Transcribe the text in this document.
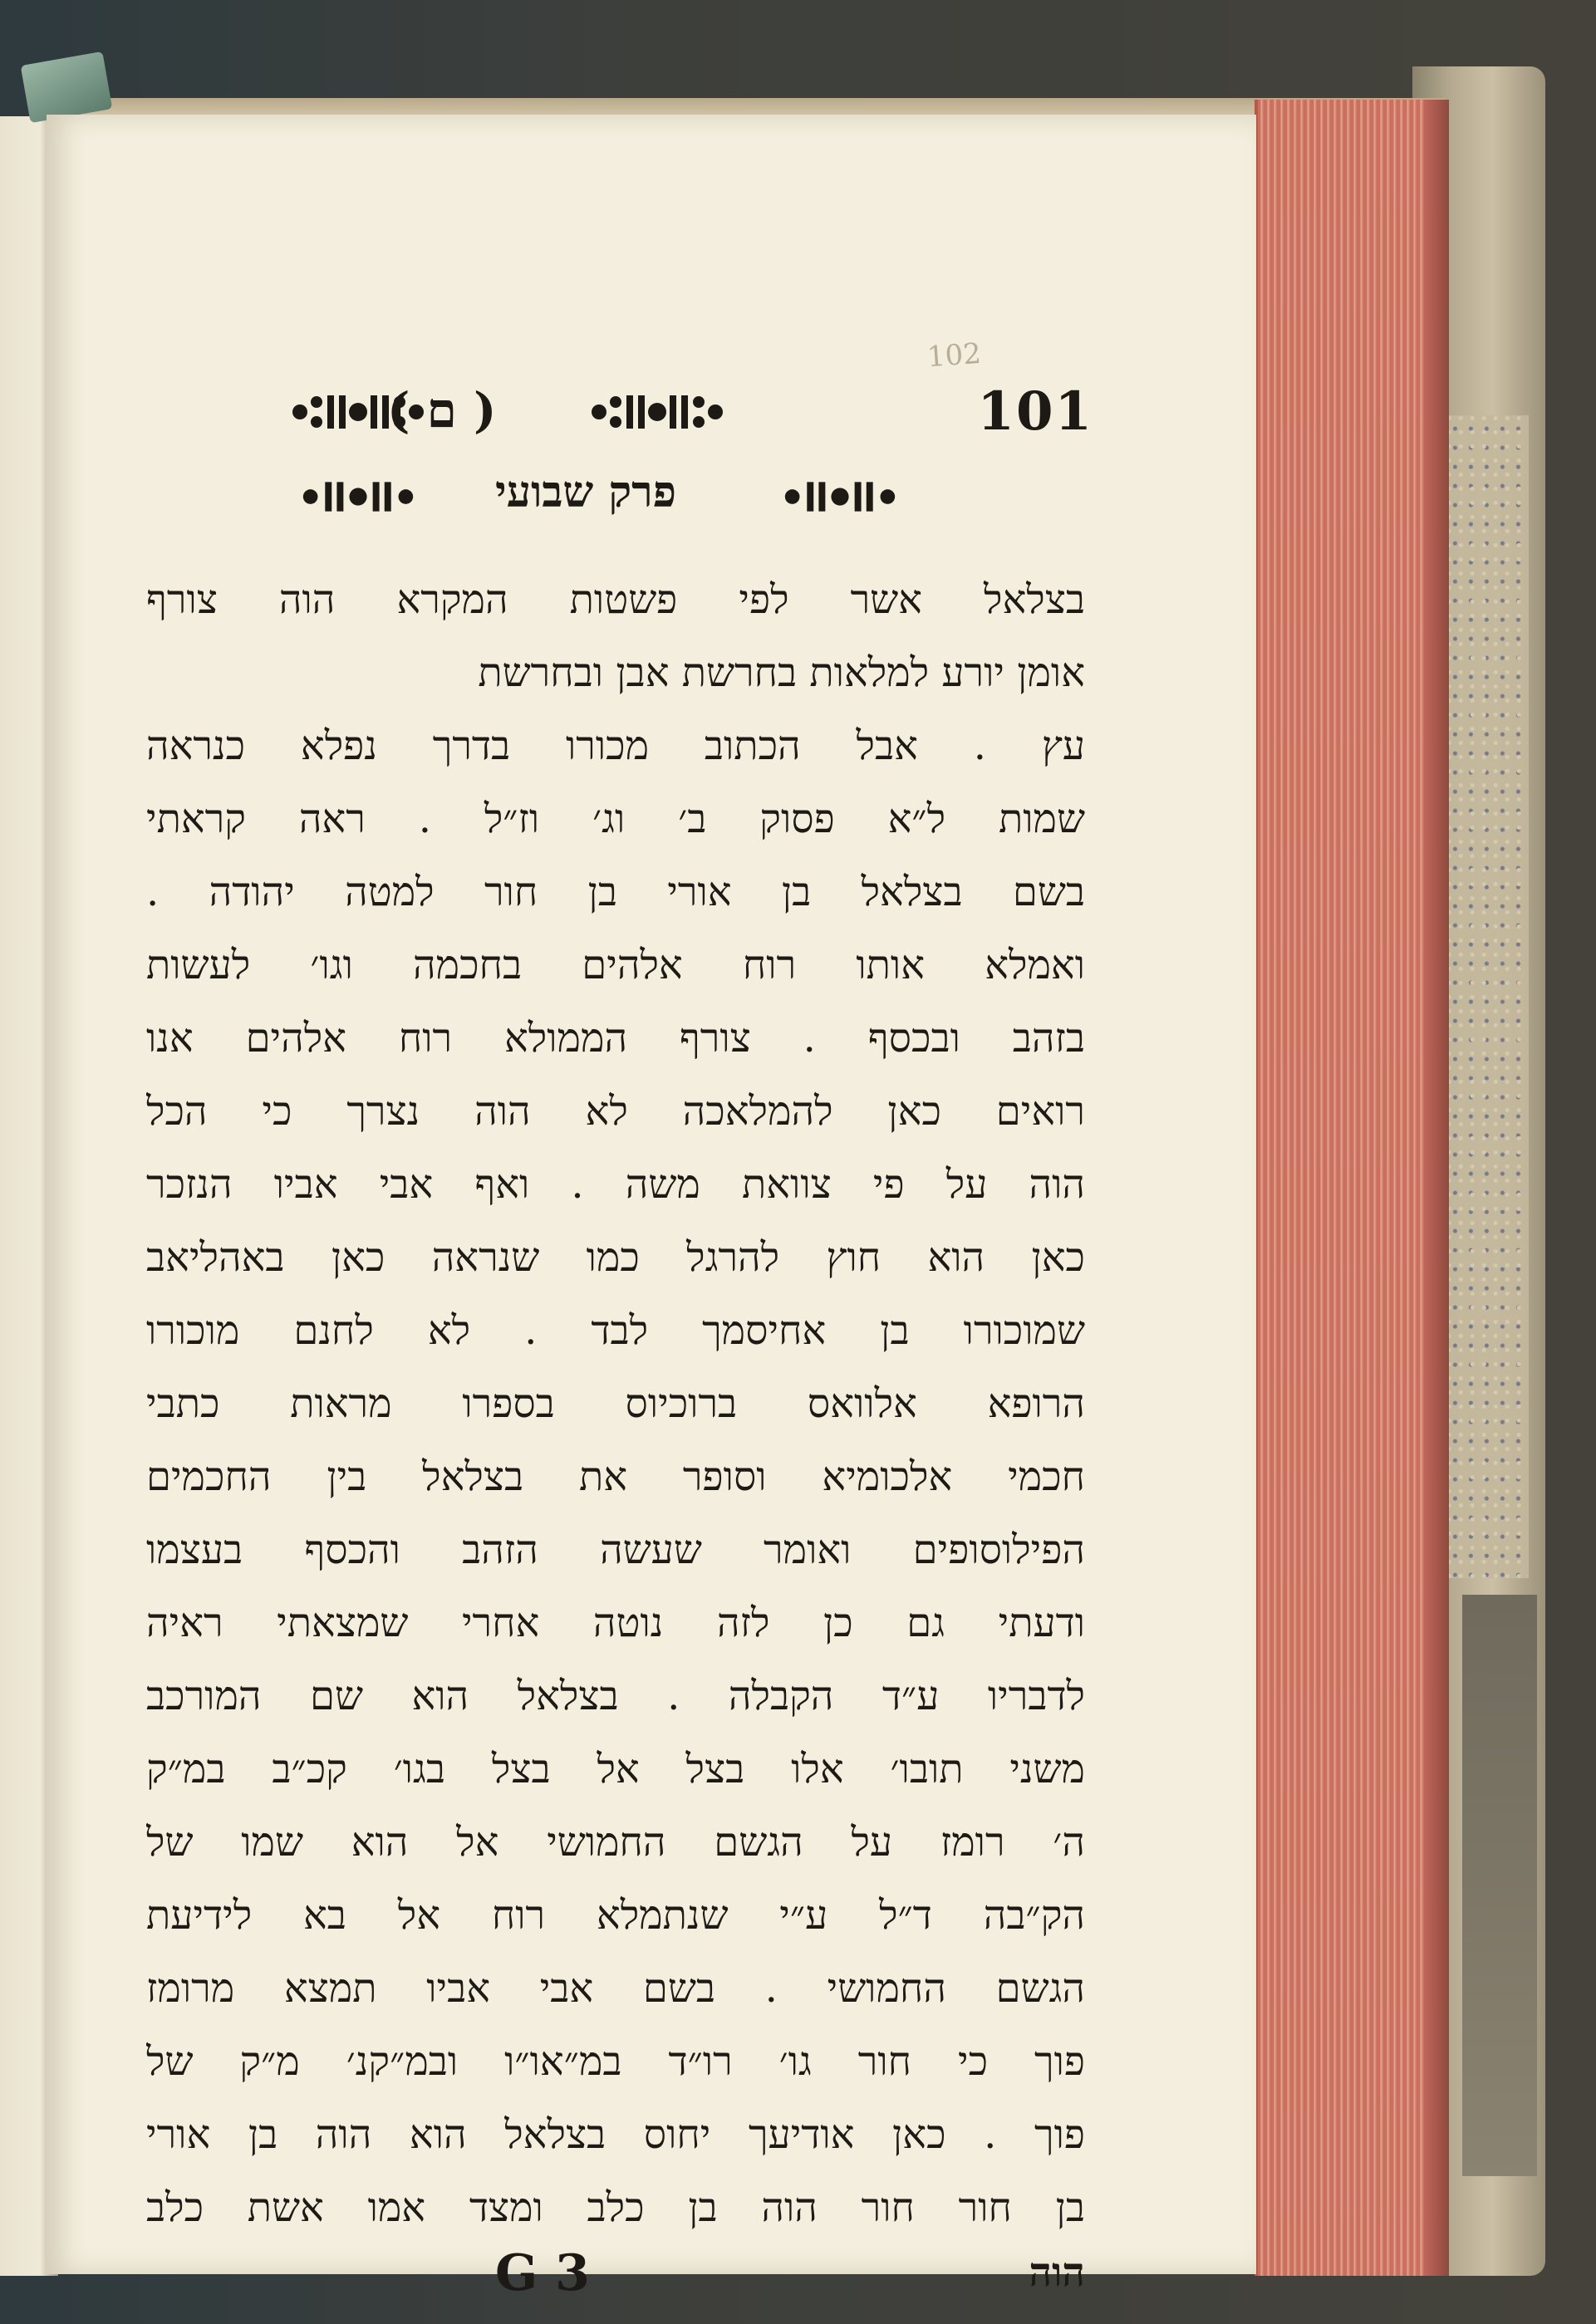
102
( ם )	101
פרק שבועי
בצלאל אשר לפי פשטות המקרא הוה צורף
אומן יורע למלאות בחרשת אבן ובחרשת
עץ . אבל הכתוב מכורו בדרך נפלא כנראה
שמות ל״א פסוק ב׳ וג׳ וז״ל . ראה קראתי
בשם בצלאל בן אורי בן חור למטה יהודה .
ואמלא אותו רוח אלהים בחכמה וגו׳ לעשות
בזהב ובכסף . צורף הממולא רוח אלהים אנו
רואים כאן להמלאכה לא הוה נצרך כי הכל
הוה על פי צוואת משה . ואף אבי אביו הנזכר
כאן הוא חוץ להרגל כמו שנראה כאן באהליאב
שמוכורו בן אחיסמך לבד . לא לחנם מוכורו
הרופא אלוואס ברוכיוס בספרו מראות כתבי
חכמי אלכומיא וסופר את בצלאל בין החכמים
הפילוסופים ואומר שעשה הזהב והכסף בעצמו
ודעתי גם כן לזה נוטה אחרי שמצאתי ראיה
לדבריו ע״ד הקבלה . בצלאל הוא שם המורכב
משני תובו׳ אלו בצל אל בצל בגו׳ קכ״ב במ״ק
ה׳ רומז על הגשם החמושי אל הוא שמו של
הק״בה ד״ל ע״י שנתמלא רוח אל בא לידיעת
הגשם החמושי . בשם אבי אביו תמצא מרומז
פוך כי חור גו׳ רו״ד במ״או״ו ובמ״קנ׳ מ״ק של
פוך . כאן אודיעך יחוס בצלאל הוא הוה בן אורי
בן חור חור הוה בן כלב ומצד אמו אשת כלב
G 3	הוה
